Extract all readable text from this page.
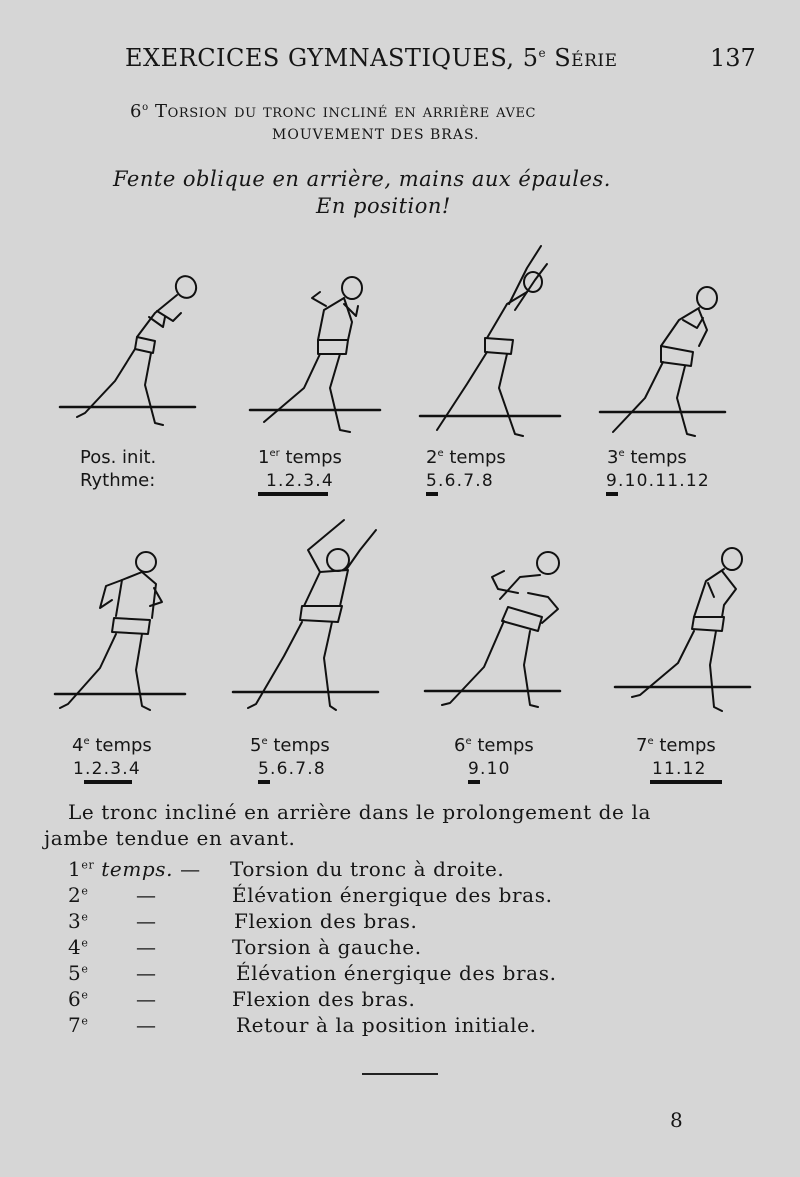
EXERCICES GYMNASTIQUES, 5e Série	137
6$^o$ Torsion du tronc incliné en arrière avec
MOUVEMENT DES BRAS.
Fente oblique en arrière, mains aux épaules.
En position!
Pos. init.
Rythme:
1er temps
1.2.3.4
2e temps
5.6.7.8
3e temps
9.10.11.12
4e temps
1.2.3.4
5e temps
5.6.7.8
6e temps
9.10
7e temps
11.12
Le tronc incliné en arrière dans le prolongement de la
jambe tendue en avant.
1er temps. — Torsion du tronc à droite.
2e —	Élévation énergique des bras.
3e —	Flexion des bras.
4e —	Torsion à gauche.
5e —	Élévation énergique des bras.
6e —	Flexion des bras.
7e —	Retour à la position initiale.
8
